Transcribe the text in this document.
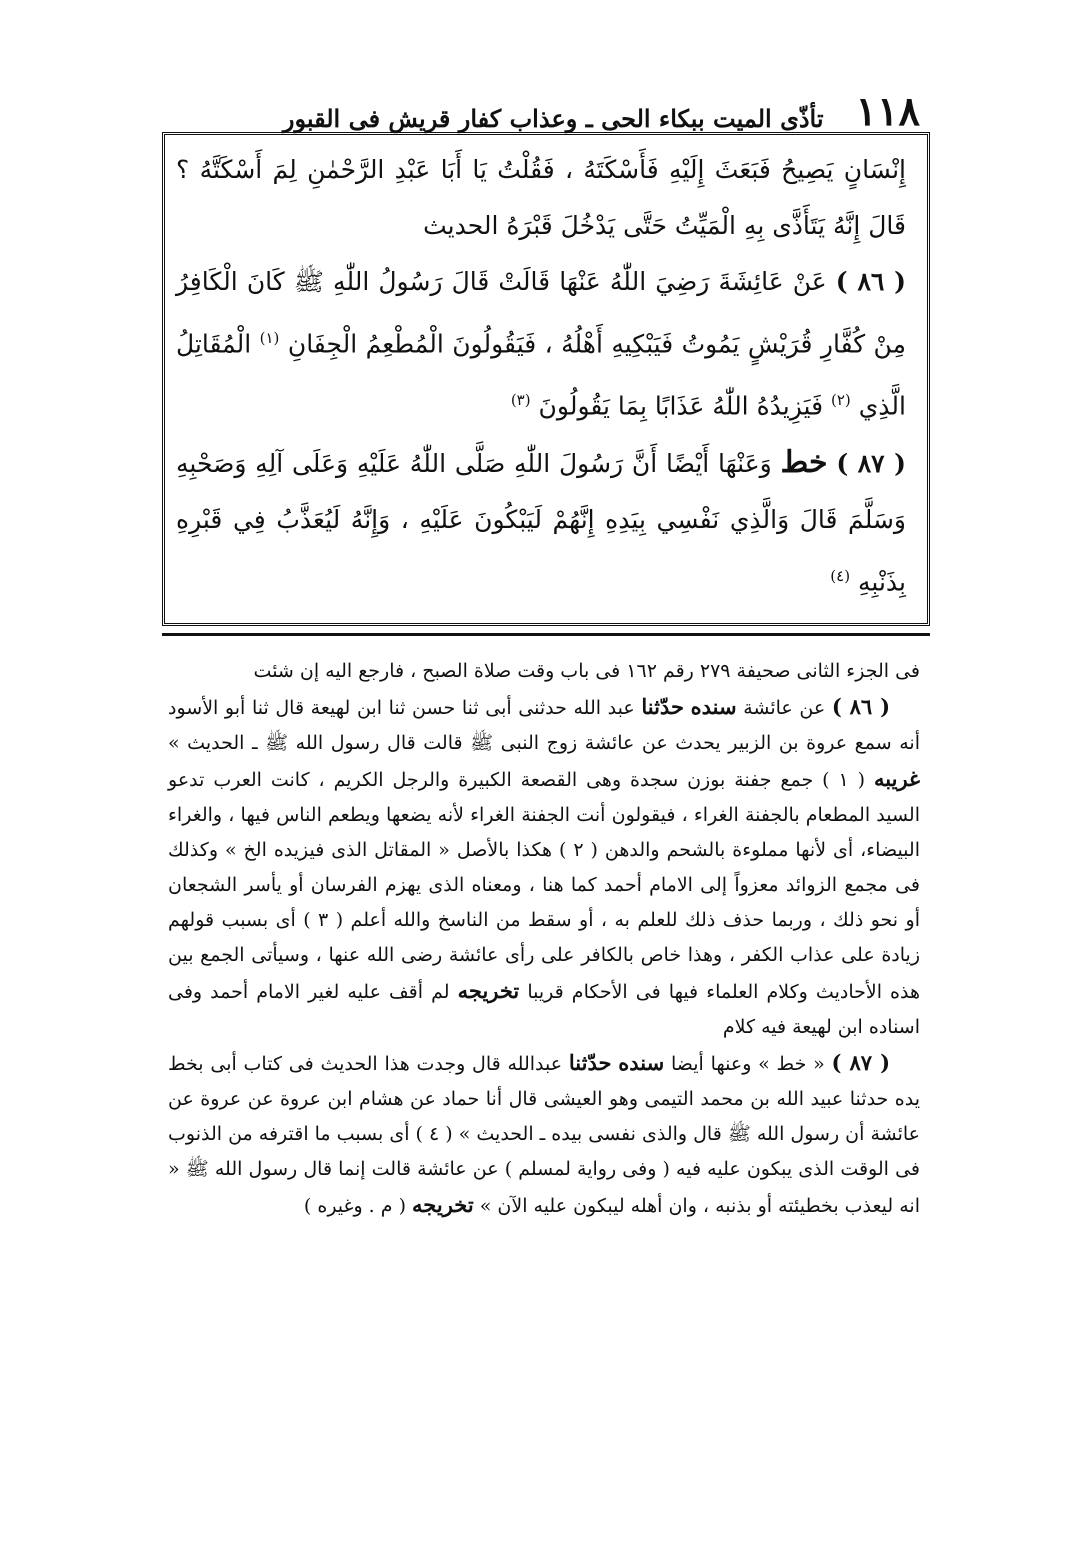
١١٨
تأذّى الميت ببكاء الحى ـ وعذاب كفار قريش فى القبور

إِنْسَانٍ يَصِيحُ فَبَعَثَ إِلَيْهِ فَأَسْكَتَهُ ، فَقُلْتُ يَا أَبَا عَبْدِ الرَّحْمٰنِ لِمَ أَسْكَتَّهُ ؟ قَالَ إِنَّهُ يَتَأَذَّى بِهِ الْمَيِّتُ حَتَّى يَدْخُلَ قَبْرَهُ الحديث

( ٨٦ ) عَنْ عَائِشَةَ رَضِيَ اللّٰهُ عَنْهَا قَالَتْ قَالَ رَسُولُ اللّٰهِ ﷺ كَانَ الْكَافِرُ مِنْ كُفَّارِ قُرَيْشٍ يَمُوتُ فَيَبْكِيهِ أَهْلُهُ ، فَيَقُولُونَ الْمُطْعِمُ الْجِفَانِ $^{(١)}$ الْمُقَاتِلُ الَّذِي $^{(٢)}$ فَيَزِيدُهُ اللّٰهُ عَذَابًا بِمَا يَقُولُونَ $^{(٣)}$

( ٨٧ ) خط وَعَنْهَا أَيْضًا أَنَّ رَسُولَ اللّٰهِ صَلَّى اللّٰهُ عَلَيْهِ وَعَلَى آلِهِ وَصَحْبِهِ وَسَلَّمَ قَالَ وَالَّذِي نَفْسِي بِيَدِهِ إِنَّهُمْ لَيَبْكُونَ عَلَيْهِ ، وَإِنَّهُ لَيُعَذَّبُ فِي قَبْرِهِ بِذَنْبِهِ $^{(٤)}$

فى الجزء الثانى صحيفة ٢٧٩ رقم ١٦٢ فى باب وقت صلاة الصبح ، فارجع اليه إن شئت

( ٨٦ ) عن عائشة سنده حدّثنا عبد الله حدثنى أبى ثنا حسن ثنا ابن لهيعة قال ثنا أبو الأسود أنه سمع عروة بن الزبير يحدث عن عائشة زوج النبى ﷺ قالت قال رسول الله ﷺ ـ الحديث » غريبه ( ١ ) جمع جفنة بوزن سجدة وهى القصعة الكبيرة والرجل الكريم ، كانت العرب تدعو السيد المطعام بالجفنة الغراء ، فيقولون أنت الجفنة الغراء لأنه يضعها ويطعم الناس فيها ، والغراء البيضاء، أى لأنها مملوءة بالشحم والدهن ( ٢ ) هكذا بالأصل « المقاتل الذى فيزيده الخ » وكذلك فى مجمع الزوائد معزواً إلى الامام أحمد كما هنا ، ومعناه الذى يهزم الفرسان أو يأسر الشجعان أو نحو ذلك ، وربما حذف ذلك للعلم به ، أو سقط من الناسخ والله أعلم ( ٣ ) أى بسبب قولهم زيادة على عذاب الكفر ، وهذا خاص بالكافر على رأى عائشة رضى الله عنها ، وسيأتى الجمع بين هذه الأحاديث وكلام العلماء فيها فى الأحكام قريبا تخريجه لم أقف عليه لغير الامام أحمد وفى اسناده ابن لهيعة فيه كلام

( ٨٧ ) « خط » وعنها أيضا سنده حدّثنا عبدالله قال وجدت هذا الحديث فى كتاب أبى بخط يده حدثنا عبيد الله بن محمد التيمى وهو العيشى قال أنا حماد عن هشام ابن عروة عن عروة عن عائشة أن رسول الله ﷺ قال والذى نفسى بيده ـ الحديث » ( ٤ ) أى بسبب ما اقترفه من الذنوب فى الوقت الذى يبكون عليه فيه ( وفى رواية لمسلم ) عن عائشة قالت إنما قال رسول الله ﷺ « انه ليعذب بخطيئته أو بذنبه ، وان أهله ليبكون عليه الآن » تخريجه ( م . وغيره )
